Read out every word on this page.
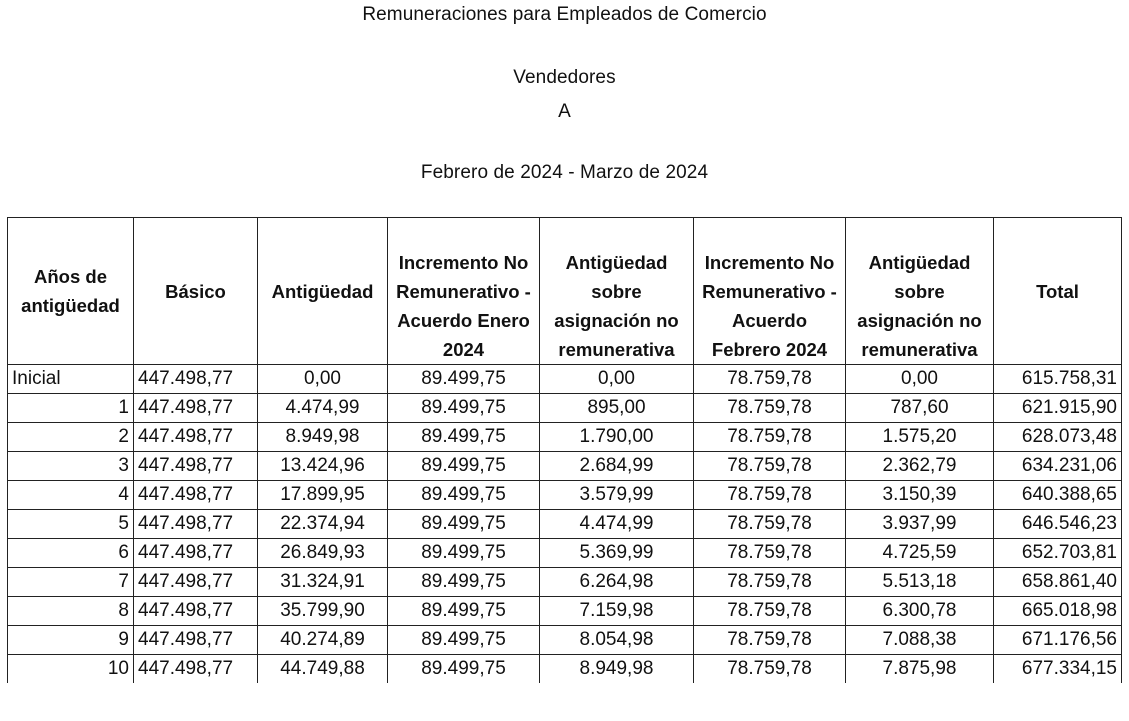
Remuneraciones para Empleados de Comercio
Vendedores
A
Febrero de 2024 - Marzo de 2024
Años de antigüedad	Básico	Antigüedad	Incremento No Remunerativo - Acuerdo Enero 2024	Antigüedad sobre asignación no remunerativa	Incremento No Remunerativo - Acuerdo Febrero 2024	Antigüedad sobre asignación no remunerativa	Total
Inicial	447.498,77	0,00	89.499,75	0,00	78.759,78	0,00	615.758,31
1	447.498,77	4.474,99	89.499,75	895,00	78.759,78	787,60	621.915,90
2	447.498,77	8.949,98	89.499,75	1.790,00	78.759,78	1.575,20	628.073,48
3	447.498,77	13.424,96	89.499,75	2.684,99	78.759,78	2.362,79	634.231,06
4	447.498,77	17.899,95	89.499,75	3.579,99	78.759,78	3.150,39	640.388,65
5	447.498,77	22.374,94	89.499,75	4.474,99	78.759,78	3.937,99	646.546,23
6	447.498,77	26.849,93	89.499,75	5.369,99	78.759,78	4.725,59	652.703,81
7	447.498,77	31.324,91	89.499,75	6.264,98	78.759,78	5.513,18	658.861,40
8	447.498,77	35.799,90	89.499,75	7.159,98	78.759,78	6.300,78	665.018,98
9	447.498,77	40.274,89	89.499,75	8.054,98	78.759,78	7.088,38	671.176,56
10	447.498,77	44.749,88	89.499,75	8.949,98	78.759,78	7.875,98	677.334,15
